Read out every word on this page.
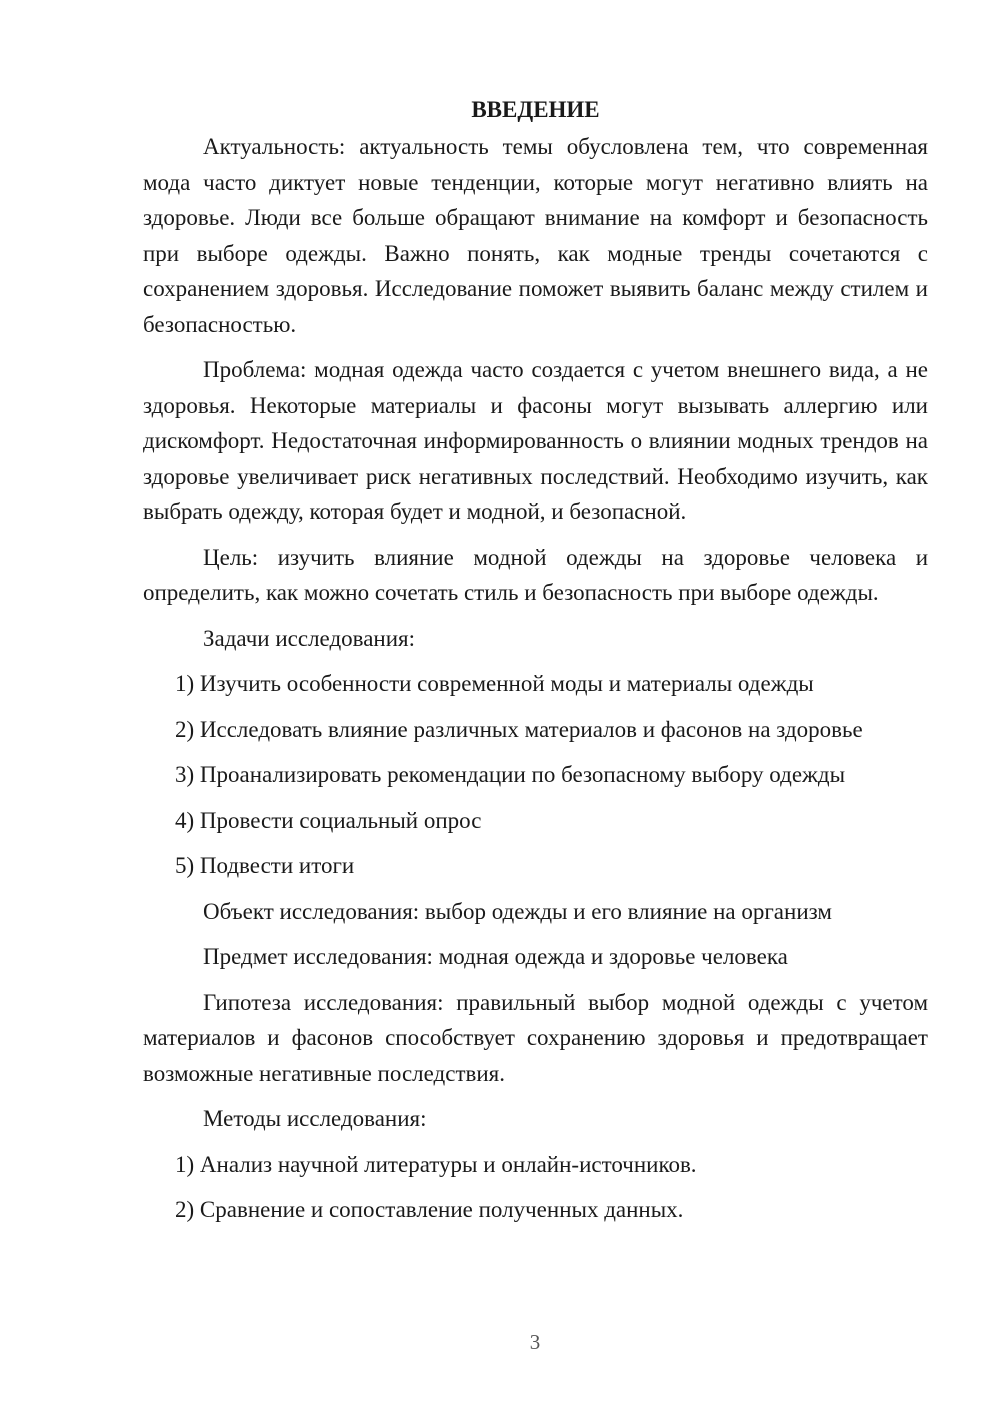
ВВЕДЕНИЕ

Актуальность: актуальность темы обусловлена тем, что современная мода часто диктует новые тенденции, которые могут негативно влиять на здоровье. Люди все больше обращают внимание на комфорт и безопасность при выборе одежды. Важно понять, как модные тренды сочетаются с сохранением здоровья. Исследование поможет выявить баланс между стилем и безопасностью.

Проблема: модная одежда часто создается с учетом внешнего вида, а не здоровья. Некоторые материалы и фасоны могут вызывать аллергию или дискомфорт. Недостаточная информированность о влиянии модных трендов на здоровье увеличивает риск негативных последствий. Необходимо изучить, как выбрать одежду, которая будет и модной, и безопасной.

Цель: изучить влияние модной одежды на здоровье человека и определить, как можно сочетать стиль и безопасность при выборе одежды.

Задачи исследования:

1) Изучить особенности современной моды и материалы одежды

2) Исследовать влияние различных материалов и фасонов на здоровье

3) Проанализировать рекомендации по безопасному выбору одежды

4) Провести социальный опрос

5) Подвести итоги

Объект исследования: выбор одежды и его влияние на организм

Предмет исследования: модная одежда и здоровье человека

Гипотеза исследования: правильный выбор модной одежды с учетом материалов и фасонов способствует сохранению здоровья и предотвращает возможные негативные последствия.

Методы исследования:

1) Анализ научной литературы и онлайн-источников.

2) Сравнение и сопоставление полученных данных.

3
